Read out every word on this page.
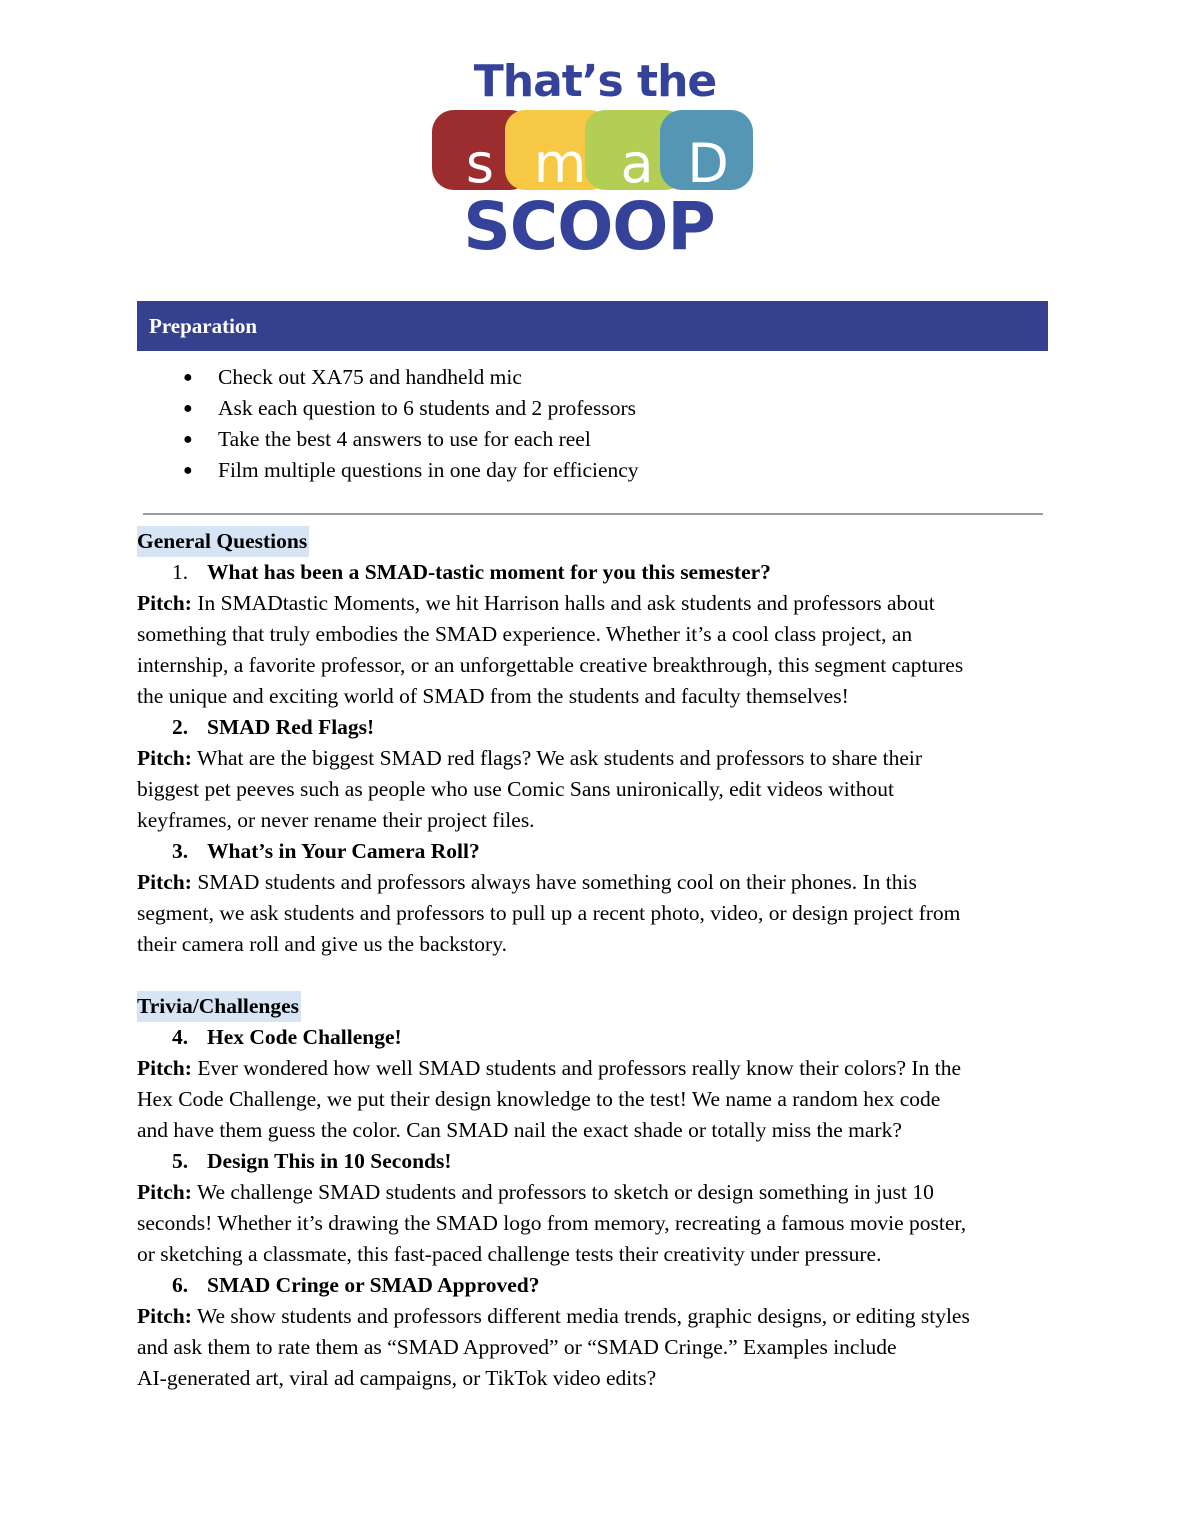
That’s the
s m a D
SCOOP
Preparation
● Check out XA75 and handheld mic
● Ask each question to 6 students and 2 professors
● Take the best 4 answers to use for each reel
● Film multiple questions in one day for efficiency
General Questions
1. What has been a SMAD-tastic moment for you this semester?
Pitch: In SMADtastic Moments, we hit Harrison halls and ask students and professors about
something that truly embodies the SMAD experience. Whether it’s a cool class project, an
internship, a favorite professor, or an unforgettable creative breakthrough, this segment captures
the unique and exciting world of SMAD from the students and faculty themselves!
2. SMAD Red Flags!
Pitch: What are the biggest SMAD red flags? We ask students and professors to share their
biggest pet peeves such as people who use Comic Sans unironically, edit videos without
keyframes, or never rename their project files.
3. What’s in Your Camera Roll?
Pitch: SMAD students and professors always have something cool on their phones. In this
segment, we ask students and professors to pull up a recent photo, video, or design project from
their camera roll and give us the backstory.
Trivia/Challenges
4. Hex Code Challenge!
Pitch: Ever wondered how well SMAD students and professors really know their colors? In the
Hex Code Challenge, we put their design knowledge to the test! We name a random hex code
and have them guess the color. Can SMAD nail the exact shade or totally miss the mark?
5. Design This in 10 Seconds!
Pitch: We challenge SMAD students and professors to sketch or design something in just 10
seconds! Whether it’s drawing the SMAD logo from memory, recreating a famous movie poster,
or sketching a classmate, this fast-paced challenge tests their creativity under pressure.
6. SMAD Cringe or SMAD Approved?
Pitch: We show students and professors different media trends, graphic designs, or editing styles
and ask them to rate them as “SMAD Approved” or “SMAD Cringe.” Examples include
AI-generated art, viral ad campaigns, or TikTok video edits?
